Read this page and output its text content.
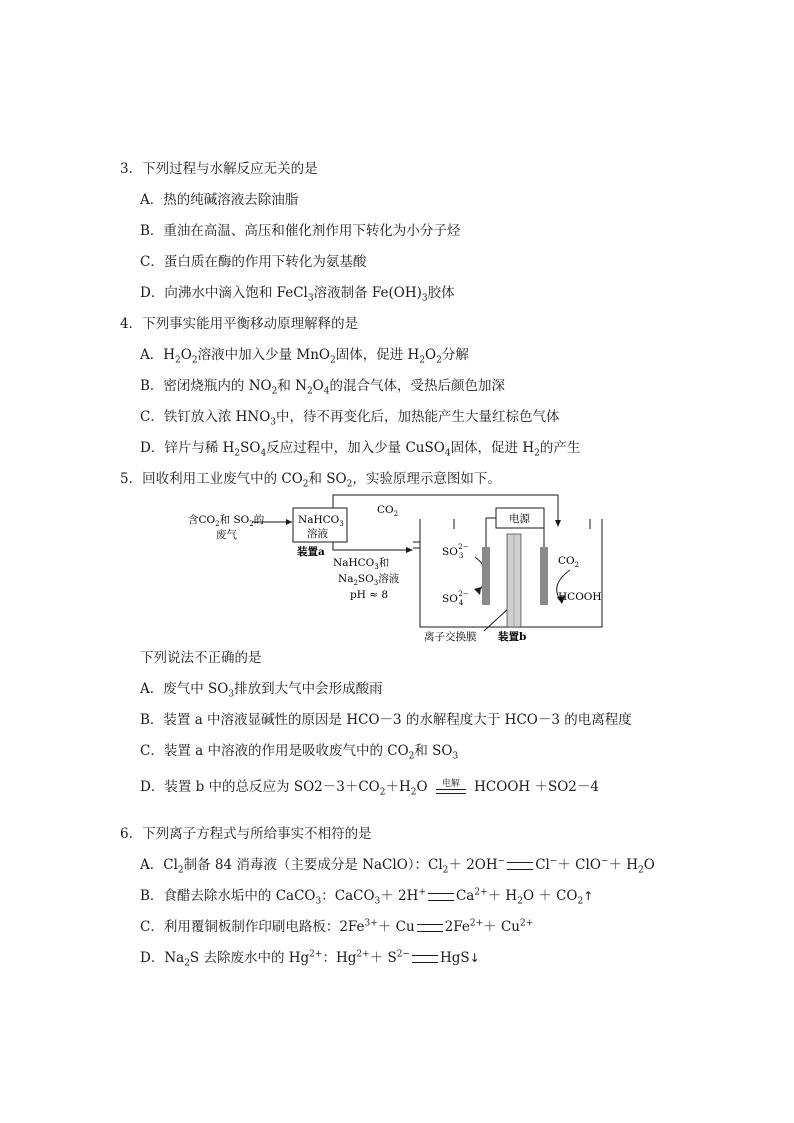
3．下列过程与水解反应无关的是
A．热的纯碱溶液去除油脂
B．重油在高温、高压和催化剂作用下转化为小分子烃
C．蛋白质在酶的作用下转化为氨基酸
D．向沸水中滴入饱和 FeCl$_3$溶液制备 $Fe(OH)_3$胶体
4．下列事实能用平衡移动原理解释的是
A．$H_2O_2$溶液中加入少量 MnO$_2$固体，促进 $H_2O_2$分解
B．密闭烧瓶内的 $NO_2$和 $N_2O_4$的混合气体，受热后颜色加深
C．铁钉放入浓 $HNO_3$中，待不再变化后，加热能产生大量红棕色气体
D．锌片与稀 $H_2SO_4$反应过程中，加入少量 CuSO$_4$固体，促进 $H_2$的产生
5．回收利用工业废气中的 $CO_2$和 $SO_2$，实验原理示意图如下。
含$CO_2$和 $SO_2$的
废气
NaHCO$_3$
溶液
装置a
$CO_2$	电源
NaHCO$_3$和
$Na_2SO_3$溶液
pH ≈ 8
$SO_32-$
$SO_42-$
$CO_2$
HCOOH
离子交换膜 装置b
下列说法不正确的是
A．废气中 $SO_3$排放到大气中会形成酸雨
B．装置 a 中溶液显碱性的原因是 HCO－3 的水解程度大于 HCO－3 的电离程度
C．装置 a 中溶液的作用是吸收废气中的 $CO_2$和 $SO_3$
D．装置 b 中的总反应为 $SO2-3+CO_2+H_2O$	电解	HCOOH ＋SO2－4
6．下列离子方程式与所给事实不相符的是
A．$Cl_2$制备 84 消毒液（主要成分是 NaClO）：$Cl_2+ 2OH^-$ $Cl^-+ ClO^-+ H_2O$
B．食醋去除水垢中的 CaCO$_3$：CaCO$_3$＋ 2H+ $Ca^{2+}+ H_2O$ ＋ $CO_2↑$
C．利用覆铜板制作印刷电路板：$2Fe^{3+}+ Cu$ $2Fe^{2+}+ Cu^{2+}$
D．$Na_2S$ 去除废水中的 $Hg^{2+}$：$Hg^{2+}+ S^{2-}$ HgS↓
